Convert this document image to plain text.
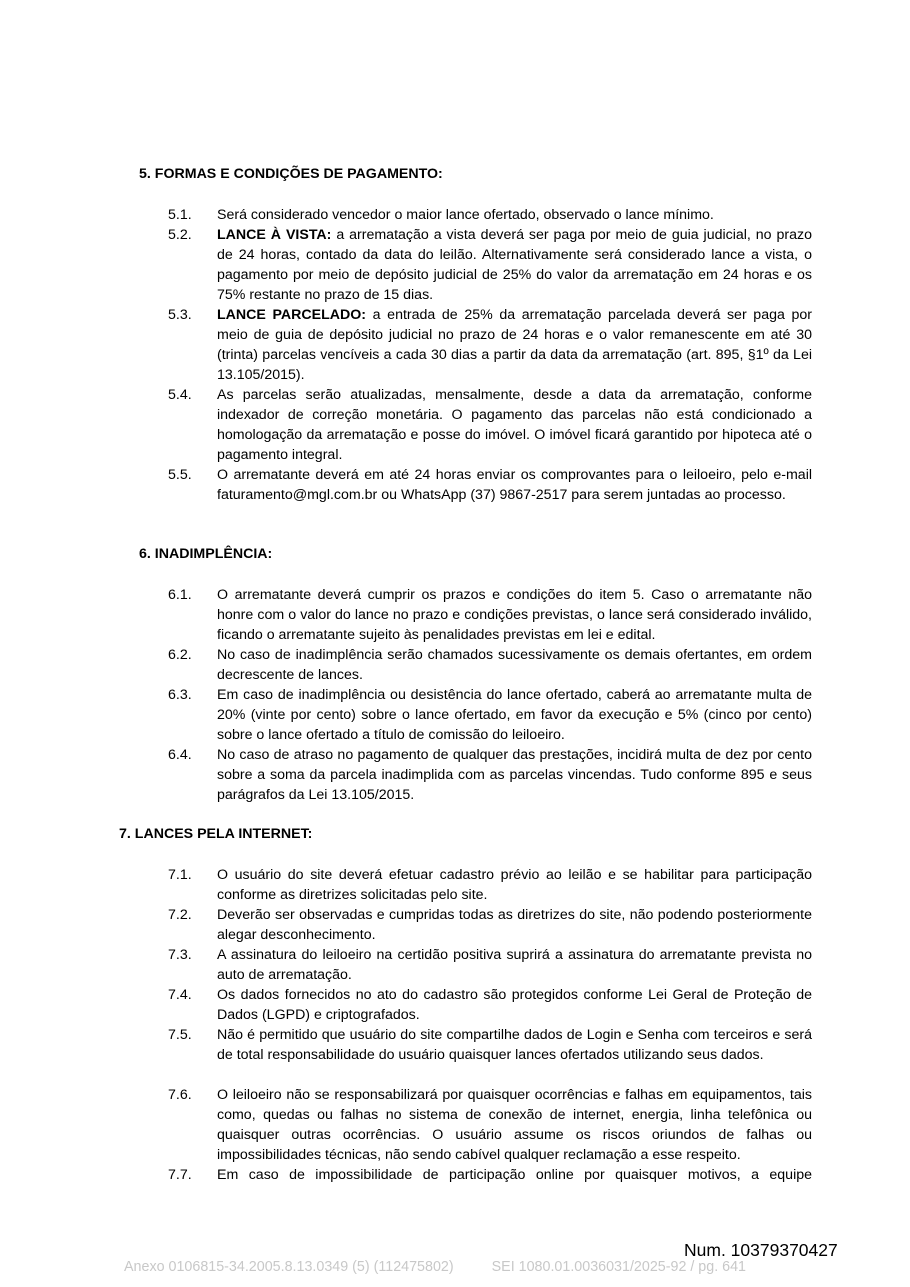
5. FORMAS E CONDIÇÕES DE PAGAMENTO:
5.1.	Será considerado vencedor o maior lance ofertado, observado o lance mínimo.
5.2.	LANCE À VISTA: a arrematação a vista deverá ser paga por meio de guia judicial, no prazo de 24 horas, contado da data do leilão. Alternativamente será considerado lance a vista, o pagamento por meio de depósito judicial de 25% do valor da arrematação em 24 horas e os 75% restante no prazo de 15 dias.
5.3.	LANCE PARCELADO: a entrada de 25% da arrematação parcelada deverá ser paga por meio de guia de depósito judicial no prazo de 24 horas e o valor remanescente em até 30 (trinta) parcelas vencíveis a cada 30 dias a partir da data da arrematação (art. 895, §1º da Lei 13.105/2015).
5.4.	As parcelas serão atualizadas, mensalmente, desde a data da arrematação, conforme indexador de correção monetária. O pagamento das parcelas não está condicionado a homologação da arrematação e posse do imóvel. O imóvel ficará garantido por hipoteca até o pagamento integral.
5.5.	O arrematante deverá em até 24 horas enviar os comprovantes para o leiloeiro, pelo e-mail faturamento@mgl.com.br ou WhatsApp (37) 9867-2517 para serem juntadas ao processo.
6. INADIMPLÊNCIA:
6.1.	O arrematante deverá cumprir os prazos e condições do item 5. Caso o arrematante não honre com o valor do lance no prazo e condições previstas, o lance será considerado inválido, ficando o arrematante sujeito às penalidades previstas em lei e edital.
6.2.	No caso de inadimplência serão chamados sucessivamente os demais ofertantes, em ordem decrescente de lances.
6.3.	Em caso de inadimplência ou desistência do lance ofertado, caberá ao arrematante multa de 20% (vinte por cento) sobre o lance ofertado, em favor da execução e 5% (cinco por cento) sobre o lance ofertado a título de comissão do leiloeiro.
6.4.	No caso de atraso no pagamento de qualquer das prestações, incidirá multa de dez por cento sobre a soma da parcela inadimplida com as parcelas vincendas. Tudo conforme 895 e seus parágrafos da Lei 13.105/2015.
7. LANCES PELA INTERNET:
7.1.	O usuário do site deverá efetuar cadastro prévio ao leilão e se habilitar para participação conforme as diretrizes solicitadas pelo site.
7.2.	Deverão ser observadas e cumpridas todas as diretrizes do site, não podendo posteriormente alegar desconhecimento.
7.3.	A assinatura do leiloeiro na certidão positiva suprirá a assinatura do arrematante prevista no auto de arrematação.
7.4.	Os dados fornecidos no ato do cadastro são protegidos conforme Lei Geral de Proteção de Dados (LGPD) e criptografados.
7.5.	Não é permitido que usuário do site compartilhe dados de Login e Senha com terceiros e será de total responsabilidade do usuário quaisquer lances ofertados utilizando seus dados.
7.6.	O leiloeiro não se responsabilizará por quaisquer ocorrências e falhas em equipamentos, tais como, quedas ou falhas no sistema de conexão de internet, energia, linha telefônica ou quaisquer outras ocorrências. O usuário assume os riscos oriundos de falhas ou impossibilidades técnicas, não sendo cabível qualquer reclamação a esse respeito.
7.7.	Em caso de impossibilidade de participação online por quaisquer motivos, a equipe
Num. 10379370427
Anexo 0106815-34.2005.8.13.0349 (5) (112475802)	SEI 1080.01.0036031/2025-92 / pg. 641
